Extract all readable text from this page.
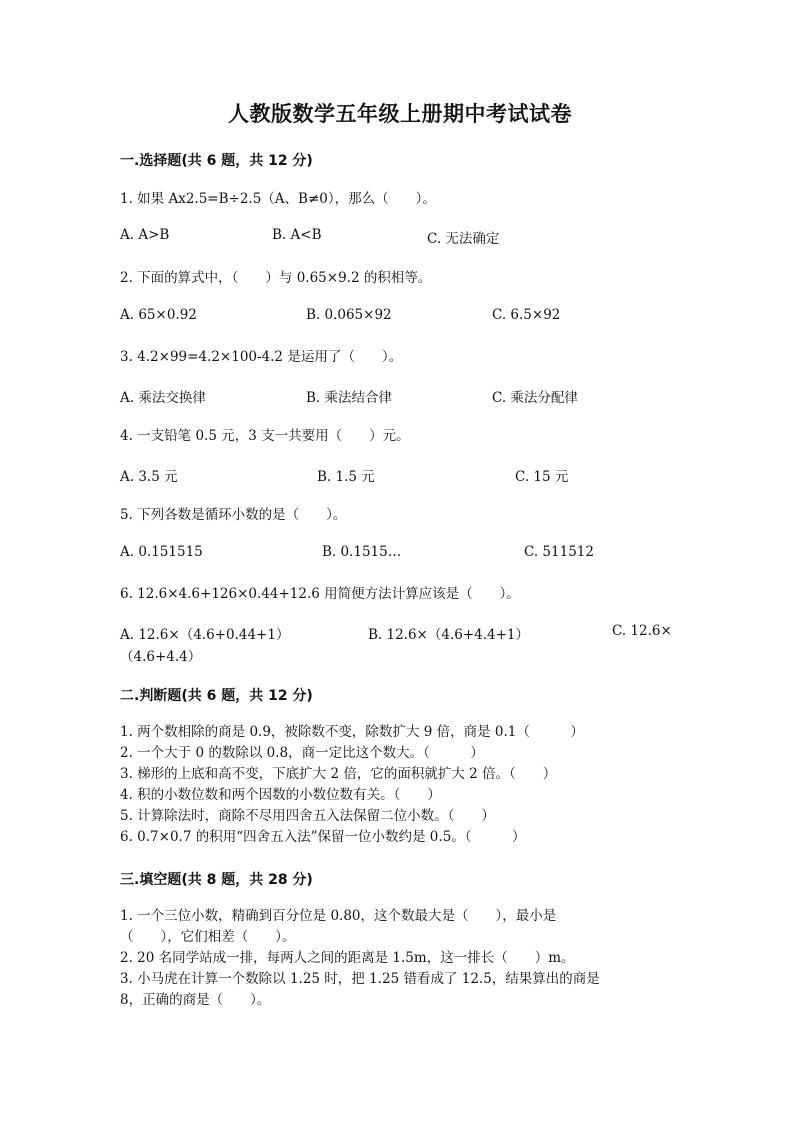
人教版数学五年级上册期中考试试卷
一.选择题(共 6 题，共 12 分)
1. 如果 Ax2.5=B÷2.5（A、B≠0），那么（　　）。
A. A>B	B. A<B	C. 无法确定
2. 下面的算式中，（　　）与 0.65×9.2 的积相等。
A. 65×0.92	B. 0.065×92	C. 6.5×92
3. 4.2×99=4.2×100-4.2 是运用了（　　）。
A. 乘法交换律	B. 乘法结合律	C. 乘法分配律
4. 一支铅笔 0.5 元，3 支一共要用（　　）元。
A. 3.5 元	B. 1.5 元	C. 15 元
5. 下列各数是循环小数的是（　　）。
A. 0.151515	B. 0.1515…	C. 511512
6. 12.6×4.6+126×0.44+12.6 用简便方法计算应该是（　　）。
A. 12.6×（4.6+0.44+1）	B. 12.6×（4.6+4.4+1）	C. 12.6×
（4.6+4.4）
二.判断题(共 6 题，共 12 分)
1. 两个数相除的商是 0.9，被除数不变，除数扩大 9 倍，商是 0.1（　　　）
2. 一个大于 0 的数除以 0.8，商一定比这个数大。（　　　）
3. 梯形的上底和高不变，下底扩大 2 倍，它的面积就扩大 2 倍。（　　）
4. 积的小数位数和两个因数的小数位数有关。（　　）
5. 计算除法时，商除不尽用四舍五入法保留二位小数。（　　）
6. 0.7×0.7 的积用“四舍五入法”保留一位小数约是 0.5。（　　　）
三.填空题(共 8 题，共 28 分)
1. 一个三位小数，精确到百分位是 0.80，这个数最大是（　　），最小是
（　　），它们相差（　　）。
2. 20 名同学站成一排，每两人之间的距离是 1.5m，这一排长（　　）m。
3. 小马虎在计算一个数除以 1.25 时，把 1.25 错看成了 12.5，结果算出的商是
8，正确的商是（　　）。
